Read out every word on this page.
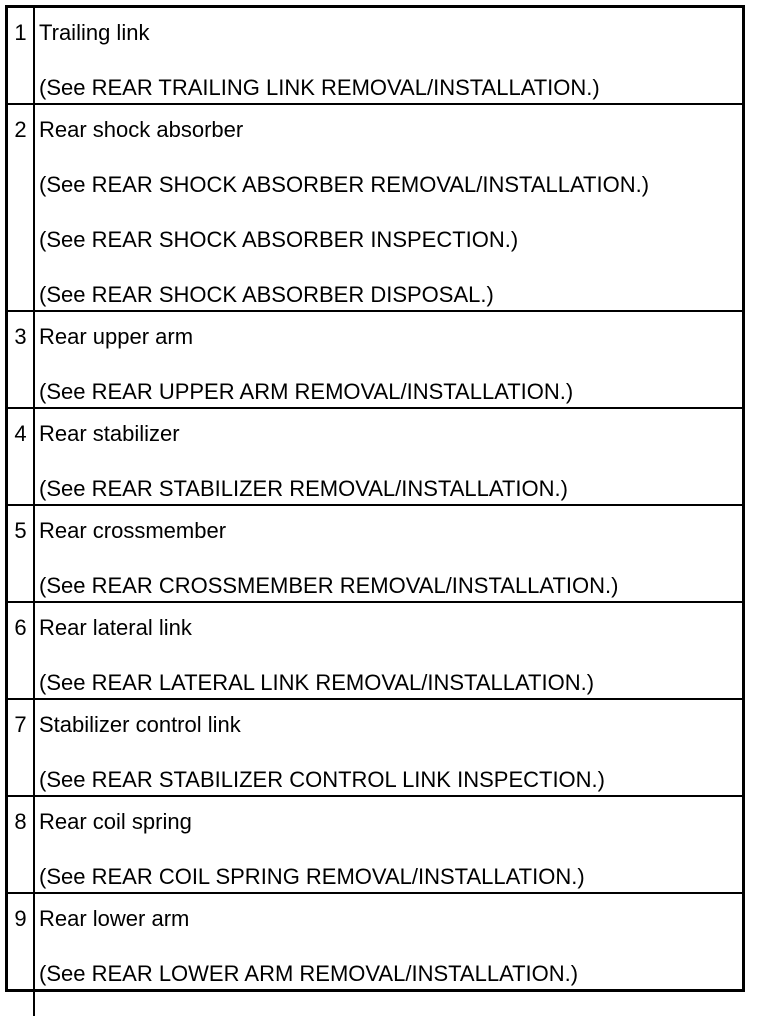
1 Trailing link
(See REAR TRAILING LINK REMOVAL/INSTALLATION.)
2 Rear shock absorber
(See REAR SHOCK ABSORBER REMOVAL/INSTALLATION.)
(See REAR SHOCK ABSORBER INSPECTION.)
(See REAR SHOCK ABSORBER DISPOSAL.)
3 Rear upper arm
(See REAR UPPER ARM REMOVAL/INSTALLATION.)
4 Rear stabilizer
(See REAR STABILIZER REMOVAL/INSTALLATION.)
5 Rear crossmember
(See REAR CROSSMEMBER REMOVAL/INSTALLATION.)
6 Rear lateral link
(See REAR LATERAL LINK REMOVAL/INSTALLATION.)
7 Stabilizer control link
(See REAR STABILIZER CONTROL LINK INSPECTION.)
8 Rear coil spring
(See REAR COIL SPRING REMOVAL/INSTALLATION.)
9 Rear lower arm
(See REAR LOWER ARM REMOVAL/INSTALLATION.)
